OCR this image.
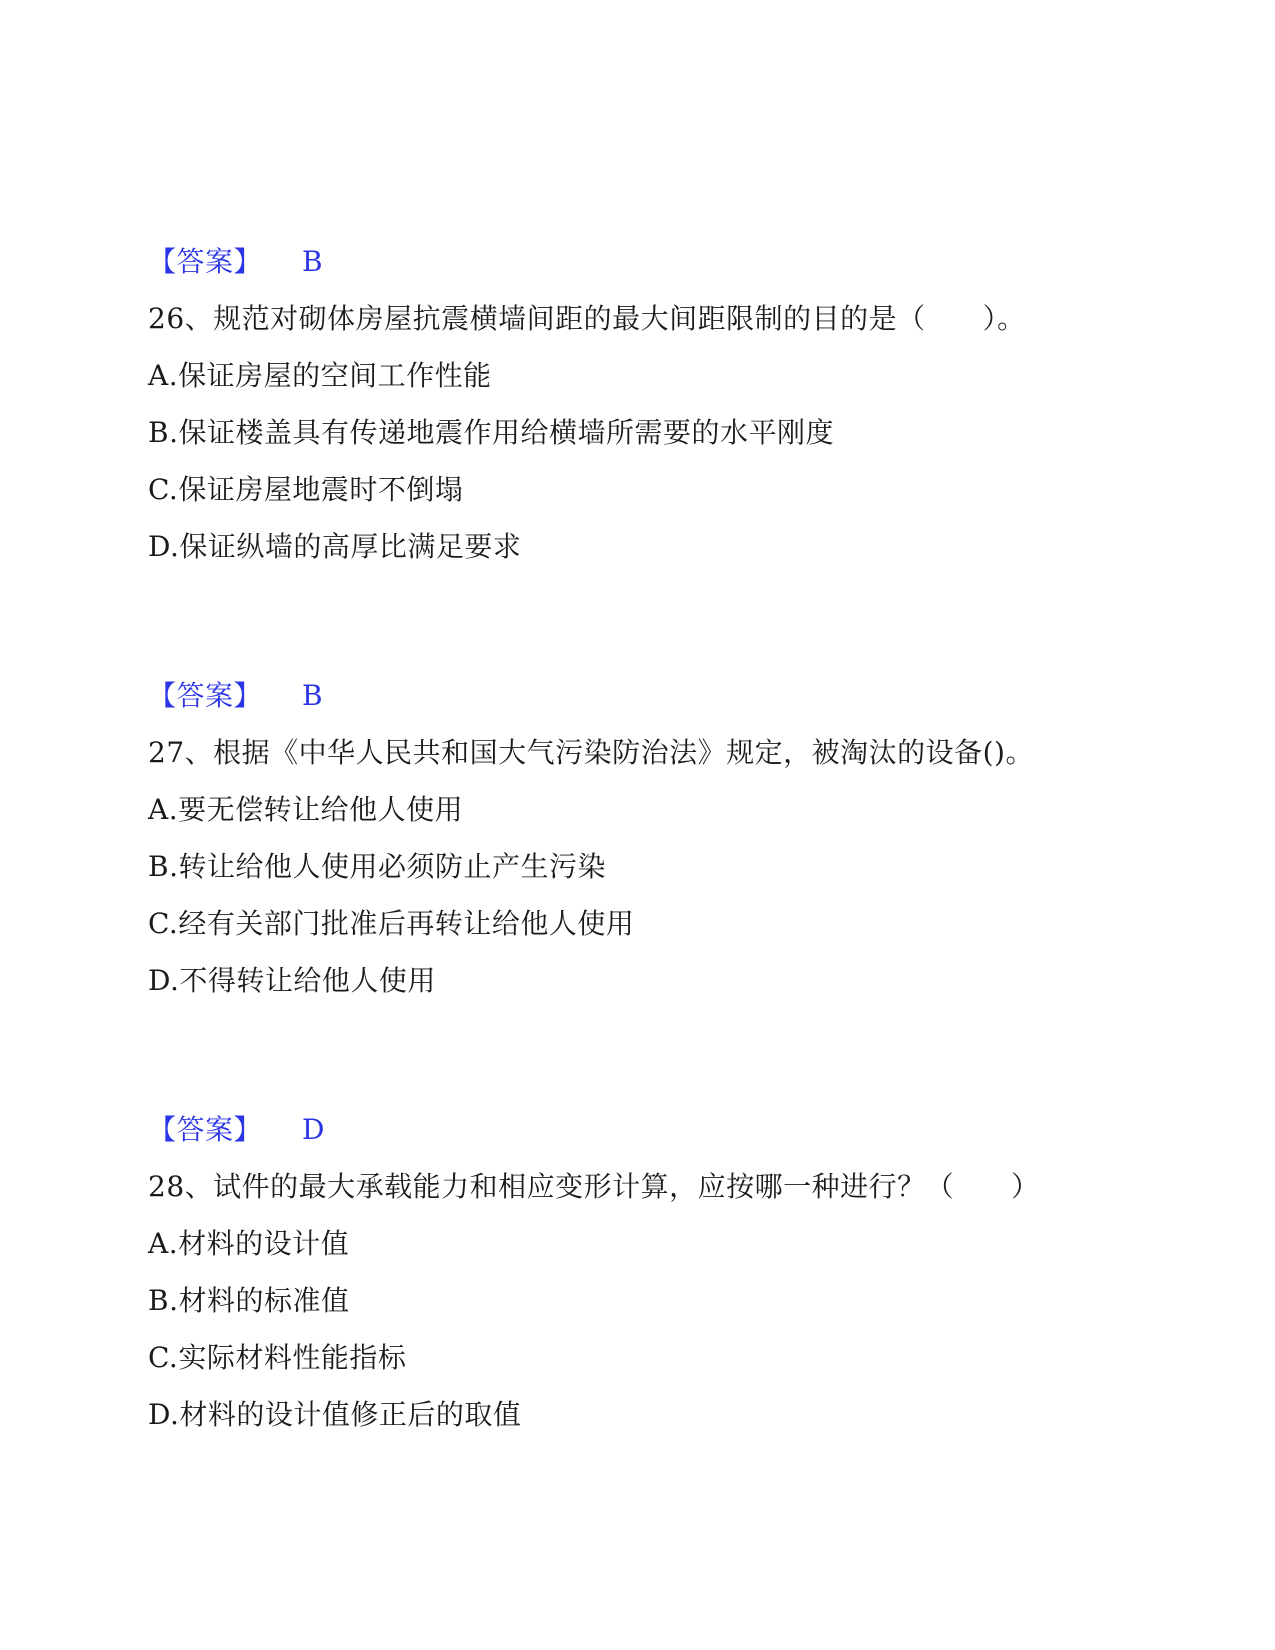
【答案】 B
26、规范对砌体房屋抗震横墙间距的最大间距限制的目的是（　　）。
A.保证房屋的空间工作性能
B.保证楼盖具有传递地震作用给横墙所需要的水平刚度
C.保证房屋地震时不倒塌
D.保证纵墙的高厚比满足要求
【答案】 B
27、根据《中华人民共和国大气污染防治法》规定，被淘汰的设备()。
A.要无偿转让给他人使用
B.转让给他人使用必须防止产生污染
C.经有关部门批准后再转让给他人使用
D.不得转让给他人使用
【答案】 D
28、试件的最大承载能力和相应变形计算，应按哪一种进行？（　　）
A.材料的设计值
B.材料的标准值
C.实际材料性能指标
D.材料的设计值修正后的取值
